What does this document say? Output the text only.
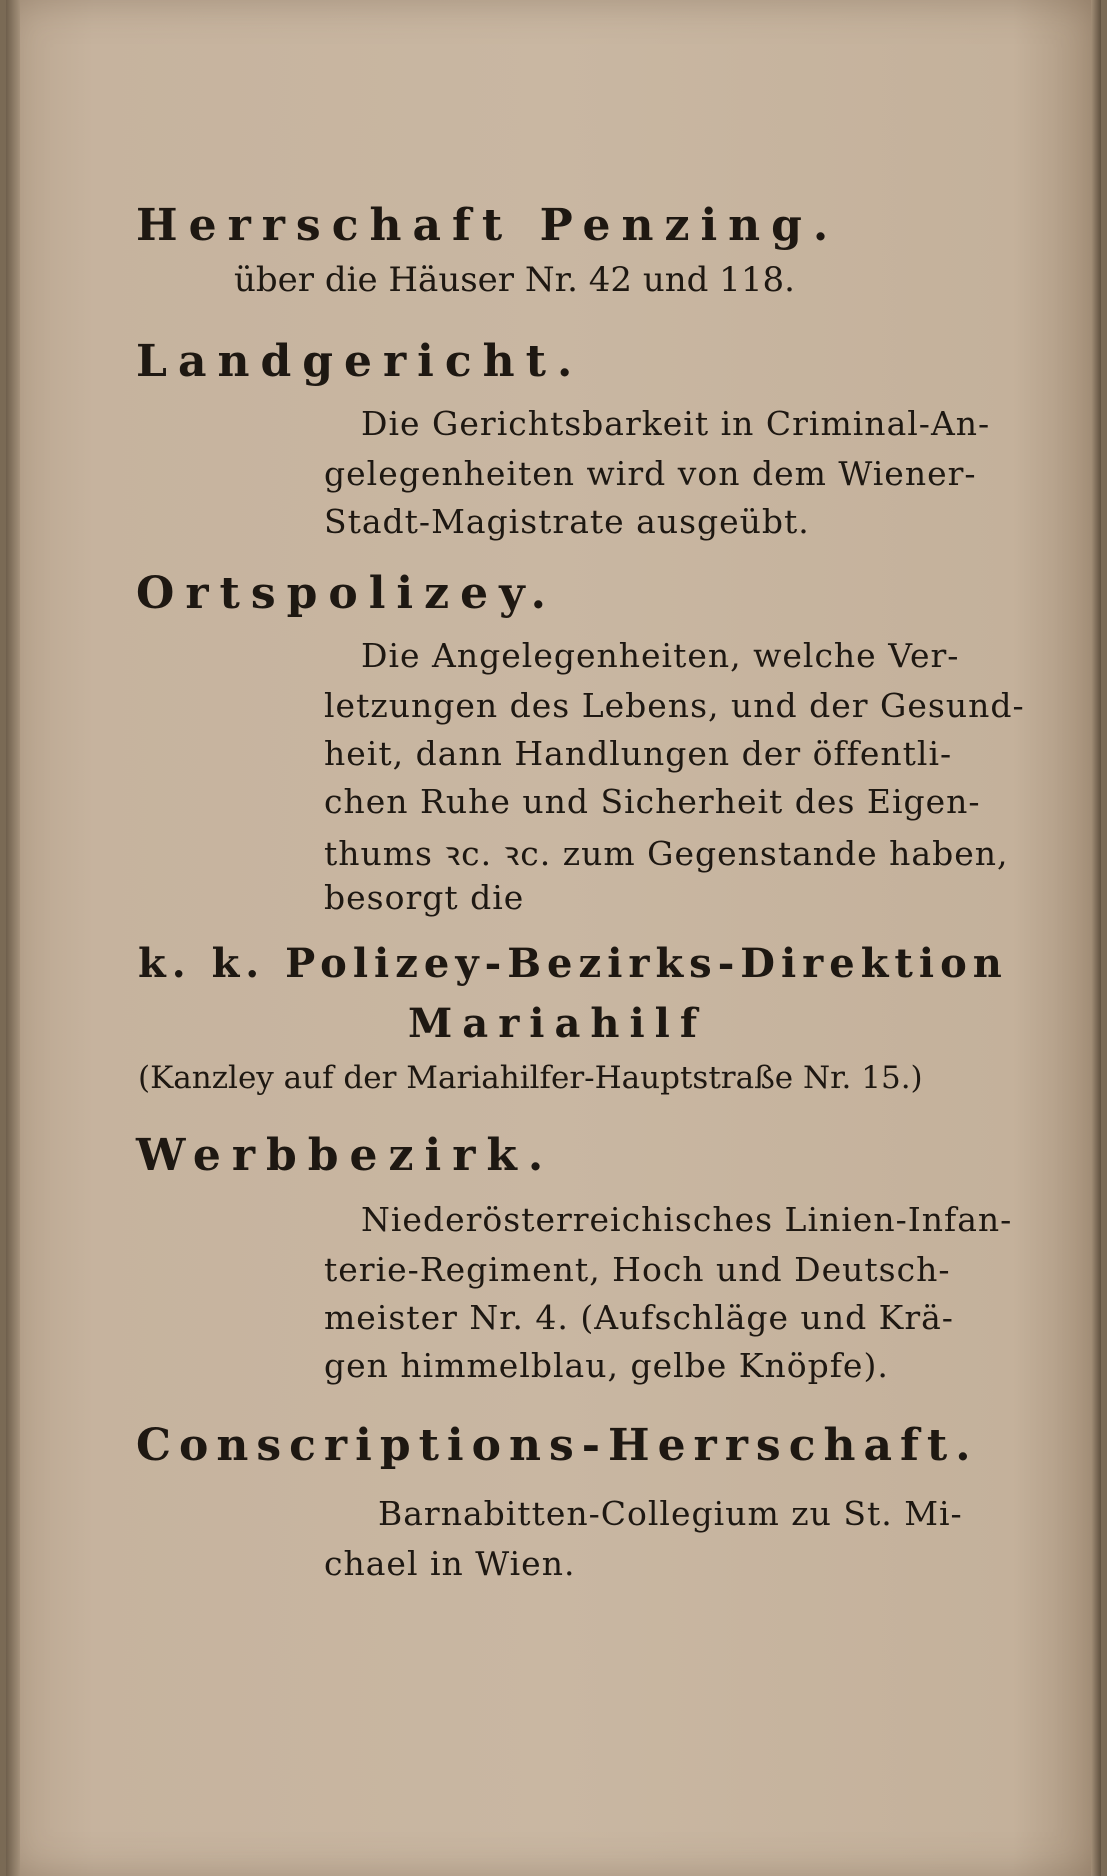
Herrschaft Penzing.
über die Häuser Nr. 42 und 118.
Landgericht.
Die Gerichtsbarkeit in Criminal-An-
gelegenheiten wird von dem Wiener-
Stadt-Magistrate ausgeübt.
Ortspolizey.
Die Angelegenheiten, welche Ver-
letzungen des Lebens, und der Gesund-
heit, dann Handlungen der öffentli-
chen Ruhe und Sicherheit des Eigen-
thums ꝛc. ꝛc. zum Gegenstande haben,
besorgt die
k. k. Polizey-Bezirks-Direktion
Mariahilf
(Kanzley auf der Mariahilfer-Hauptstraße Nr. 15.)
Werbbezirk.
Niederösterreichisches Linien-Infan-
terie-Regiment, Hoch und Deutsch-
meister Nr. 4. (Aufschläge und Krä-
gen himmelblau, gelbe Knöpfe).
Conscriptions-Herrschaft.
Barnabitten-Collegium zu St. Mi-
chael in Wien.
